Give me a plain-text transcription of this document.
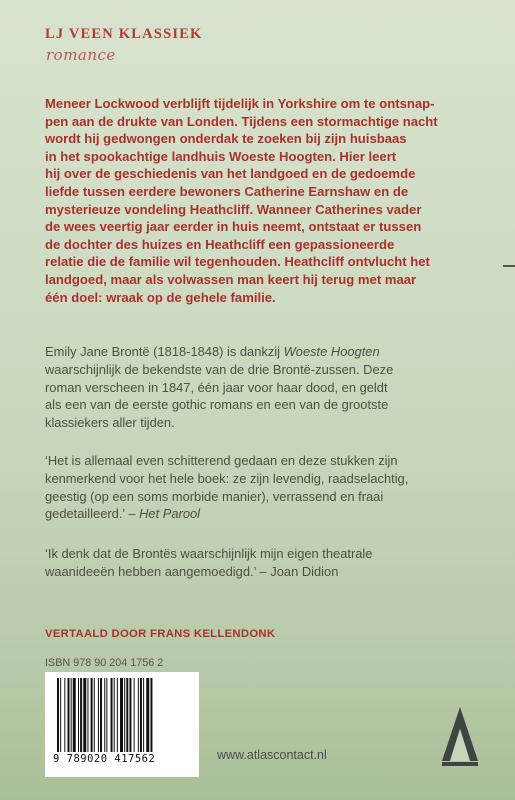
LJ VEEN KLASSIEK
romance
Meneer Lockwood verblijft tijdelijk in Yorkshire om te ontsnap-
pen aan de drukte van Londen. Tijdens een stormachtige nacht
wordt hij gedwongen onderdak te zoeken bij zijn huisbaas
in het spookachtige landhuis Woeste Hoogten. Hier leert
hij over de geschiedenis van het landgoed en de gedoemde
liefde tussen eerdere bewoners Catherine Earnshaw en de
mysterieuze vondeling Heathcliff. Wanneer Catherines vader
de wees veertig jaar eerder in huis neemt, ontstaat er tussen
de dochter des huizes en Heathcliff een gepassioneerde
relatie die de familie wil tegenhouden. Heathcliff ontvlucht het
landgoed, maar als volwassen man keert hij terug met maar
één doel: wraak op de gehele familie.
Emily Jane Brontë (1818-1848) is dankzij Woeste Hoogten
waarschijnlijk de bekendste van de drie Brontë-zussen. Deze
roman verscheen in 1847, één jaar voor haar dood, en geldt
als een van de eerste gothic romans en een van de grootste
klassiekers aller tijden.
‘Het is allemaal even schitterend gedaan en deze stukken zijn
kenmerkend voor het hele boek: ze zijn levendig, raadselachtig,
geestig (op een soms morbide manier), verrassend en fraai
gedetailleerd.’ – Het Parool
‘Ik denk dat de Brontës waarschijnlijk mijn eigen theatrale
waanideeën hebben aangemoedigd.’ – Joan Didion
VERTAALD DOOR FRANS KELLENDONK
ISBN 978 90 204 1756 2
9 789020 417562	www.atlascontact.nl
